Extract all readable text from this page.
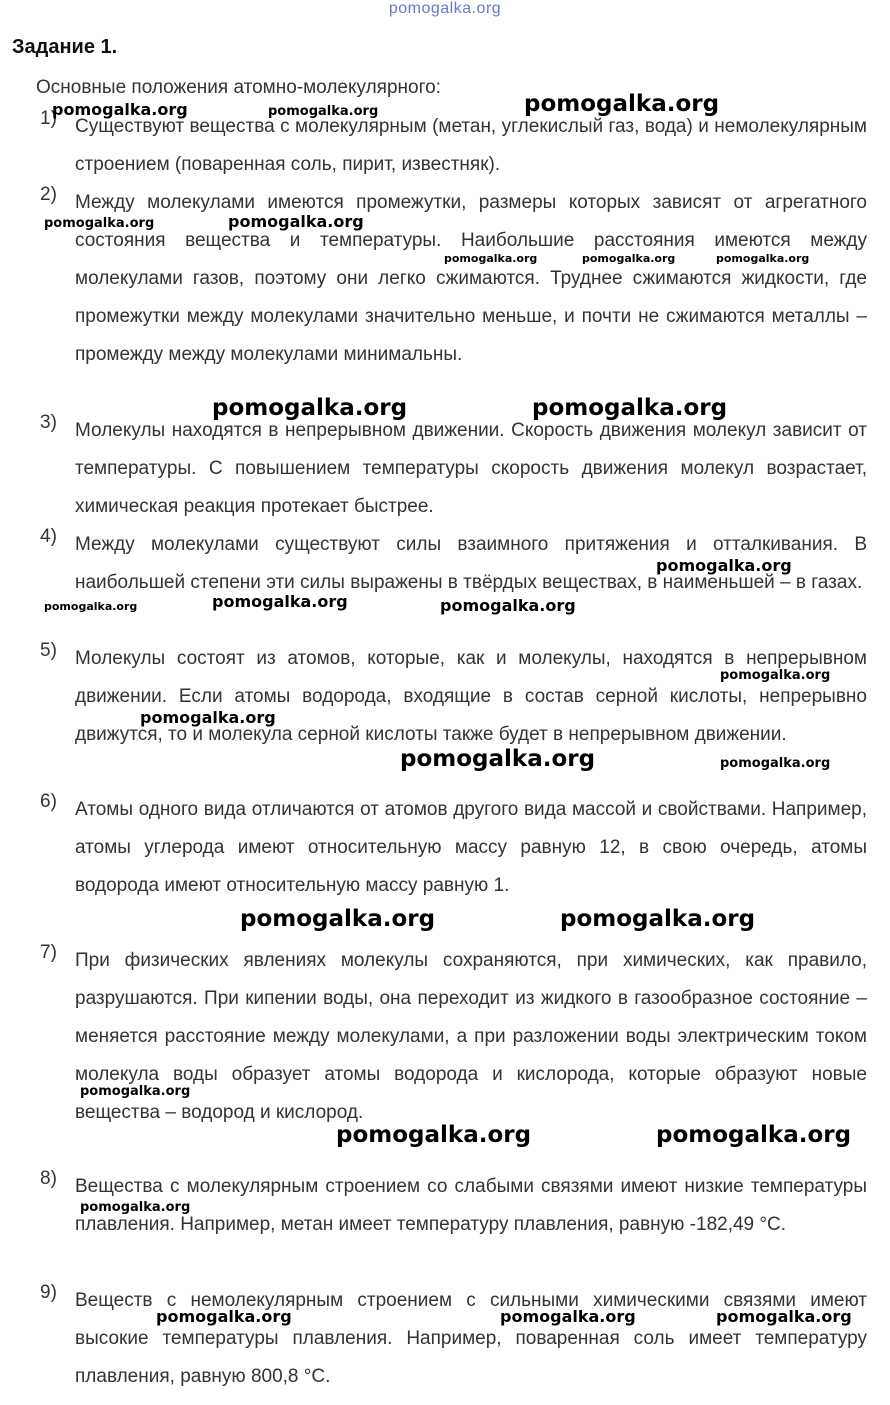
pomogalka.org
Задание 1.
Основные положения атомно-молекулярного:
1) Существуют вещества с молекулярным (метан, углекислый газ, вода) и немолекулярным строением (поваренная соль, пирит, известняк).
2) Между молекулами имеются промежутки, размеры которых зависят от агрегатного состояния вещества и температуры. Наибольшие расстояния имеются между молекулами газов, поэтому они легко сжимаются. Труднее сжимаются жидкости, где промежутки между молекулами значительно меньше, и почти не сжимаются металлы – промежду между молекулами минимальны.
3) Молекулы находятся в непрерывном движении. Скорость движения молекул зависит от температуры. С повышением температуры скорость движения молекул возрастает, химическая реакция протекает быстрее.
4) Между молекулами существуют силы взаимного притяжения и отталкивания. В наибольшей степени эти силы выражены в твёрдых веществах, в наименьшей – в газах.
5) Молекулы состоят из атомов, которые, как и молекулы, находятся в непрерывном движении. Если атомы водорода, входящие в состав серной кислоты, непрерывно движутся, то и молекула серной кислоты также будет в непрерывном движении.
6) Атомы одного вида отличаются от атомов другого вида массой и свойствами. Например, атомы углерода имеют относительную массу равную 12, в свою очередь, атомы водорода имеют относительную массу равную 1.
7) При физических явлениях молекулы сохраняются, при химических, как правило, разрушаются. При кипении воды, она переходит из жидкого в газообразное состояние – меняется расстояние между молекулами, а при разложении воды электрическим током молекула воды образует атомы водорода и кислорода, которые образуют новые вещества – водород и кислород.
8) Вещества с молекулярным строением со слабыми связями имеют низкие температуры плавления. Например, метан имеет температуру плавления, равную -182,49 °С.
9) Веществ с немолекулярным строением с сильными химическими связями имеют высокие температуры плавления. Например, поваренная соль имеет температуру плавления, равную 800,8 °С.
pomogalka.org	pomogalka.org	pomogalka.org
pomogalka.org	pomogalka.org
pomogalka.org	pomogalka.org	pomogalka.org
pomogalka.org	pomogalka.org
pomogalka.org
pomogalka.org	pomogalka.org	pomogalka.org
pomogalka.org
pomogalka.org
pomogalka.org	pomogalka.org
pomogalka.org	pomogalka.org
pomogalka.org
pomogalka.org	pomogalka.org
pomogalka.org
pomogalka.org	pomogalka.org	pomogalka.org
